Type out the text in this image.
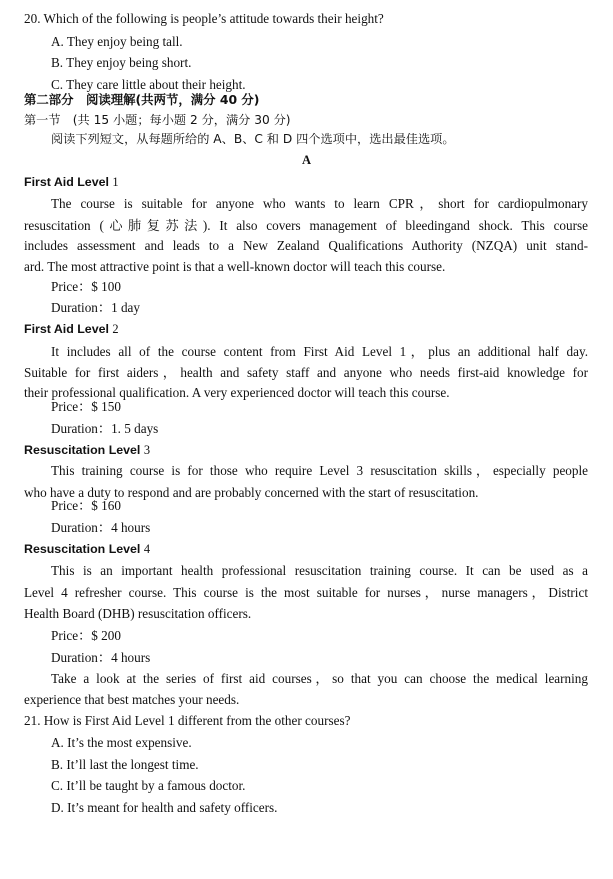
20. Which of the following is people’s attitude towards their height?
A. They enjoy being tall.
B. They enjoy being short.
C. They care little about their height.
第二部分　阅读理解(共两节，满分 40 分)
第一节　(共 15 小题；每小题 2 分，满分 30 分)
阅读下列短文，从每题所给的 A、B、C 和 D 四个选项中，选出最佳选项。
A
First Aid Level 1
The course is suitable for anyone who wants to learn CPR，short for cardiopulmonary
resuscitation (心肺复苏法). It also covers management of bleedingand shock. This course
includes assessment and leads to a New Zealand Qualifications Authority (NZQA) unit stand-
ard. The most attractive point is that a well-known doctor will teach this course.
Price：$ 100
Duration：1 day
First Aid Level 2
It includes all of the course content from First Aid Level 1，plus an additional half day.
Suitable for first aiders，health and safety staff and anyone who needs first-aid knowledge for
their professional qualification. A very experienced doctor will teach this course.
Price：$ 150
Duration：1. 5 days
Resuscitation Level 3
This training course is for those who require Level 3 resuscitation skills，especially people
who have a duty to respond and are probably concerned with the start of resuscitation.
Price：$ 160
Duration：4 hours
Resuscitation Level 4
This is an important health professional resuscitation training course. It can be used as a
Level 4 refresher course. This course is the most suitable for nurses，nurse managers，District
Health Board (DHB) resuscitation officers.
Price：$ 200
Duration：4 hours
Take a look at the series of first aid courses，so that you can choose the medical learning
experience that best matches your needs.
21. How is First Aid Level 1 different from the other courses?
A. It’s the most expensive.
B. It’ll last the longest time.
C. It’ll be taught by a famous doctor.
D. It’s meant for health and safety officers.
